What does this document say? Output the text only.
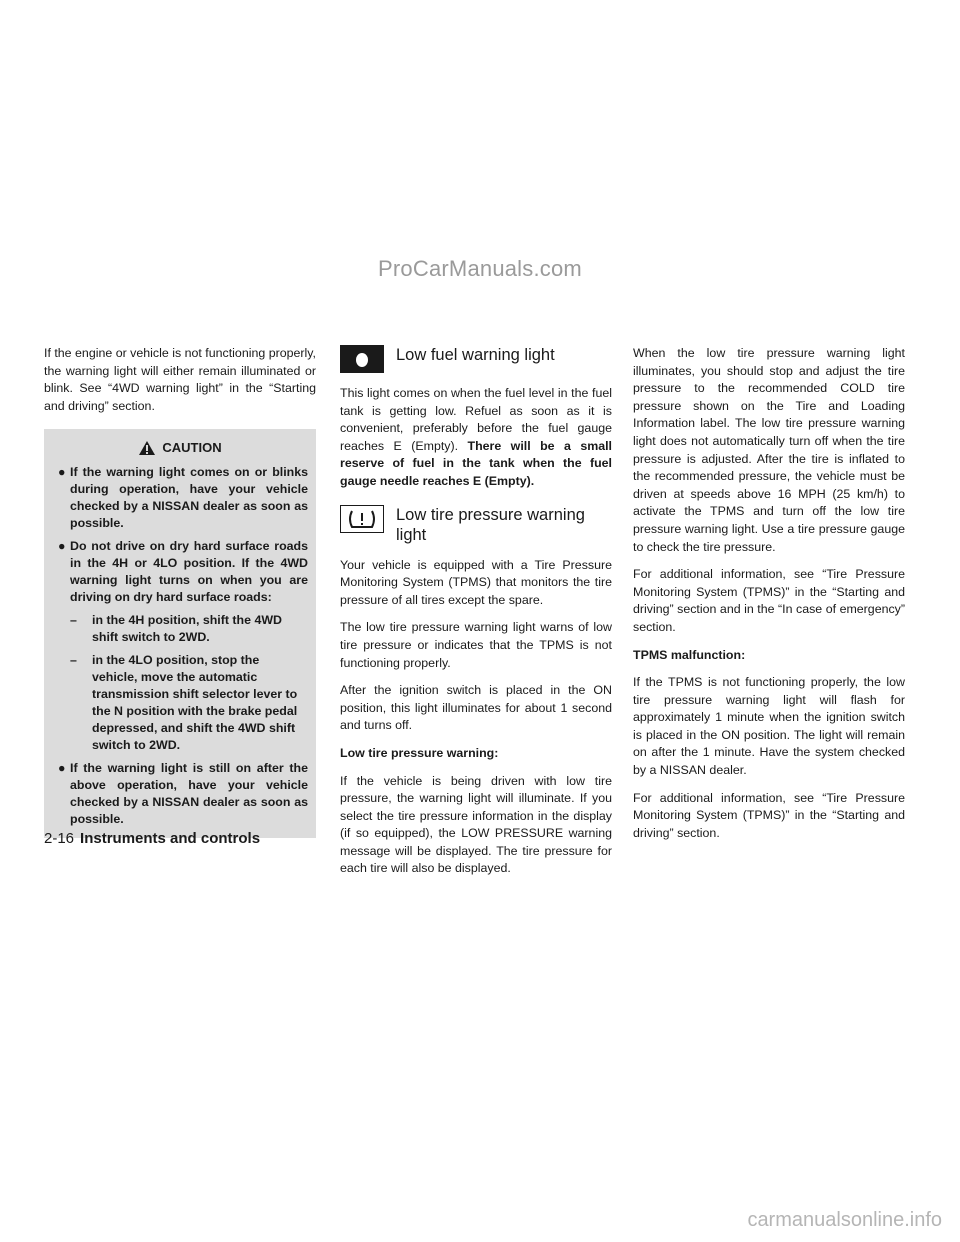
ProCarManuals.com

If the engine or vehicle is not functioning properly, the warning light will either remain illuminated or blink. See “4WD warning light” in the “Starting and driving” section.

CAUTION
● If the warning light comes on or blinks during operation, have your vehicle checked by a NISSAN dealer as soon as possible.
● Do not drive on dry hard surface roads in the 4H or 4LO position. If the 4WD warning light turns on when you are driving on dry hard surface roads:
–	in the 4H position, shift the 4WD shift switch to 2WD.
–	in the 4LO position, stop the vehicle, move the automatic transmission shift selector lever to the N position with the brake pedal depressed, and shift the 4WD shift switch to 2WD.
● If the warning light is still on after the above operation, have your vehicle checked by a NISSAN dealer as soon as possible.
Low fuel warning light

This light comes on when the fuel level in the fuel tank is getting low. Refuel as soon as it is convenient, preferably before the fuel gauge reaches E (Empty). There will be a small reserve of fuel in the tank when the fuel gauge needle reaches E (Empty).

Low tire pressure warning light

Your vehicle is equipped with a Tire Pressure Monitoring System (TPMS) that monitors the tire pressure of all tires except the spare.

The low tire pressure warning light warns of low tire pressure or indicates that the TPMS is not functioning properly.

After the ignition switch is placed in the ON position, this light illuminates for about 1 second and turns off.

Low tire pressure warning:

If the vehicle is being driven with low tire pressure, the warning light will illuminate. If you select the tire pressure information in the display (if so equipped), the LOW PRESSURE warning message will be displayed. The tire pressure for each tire will also be displayed.

When the low tire pressure warning light illuminates, you should stop and adjust the tire pressure to the recommended COLD tire pressure shown on the Tire and Loading Information label. The low tire pressure warning light does not automatically turn off when the tire pressure is adjusted. After the tire is inflated to the recommended pressure, the vehicle must be driven at speeds above 16 MPH (25 km/h) to activate the TPMS and turn off the low tire pressure warning light. Use a tire pressure gauge to check the tire pressure.

For additional information, see “Tire Pressure Monitoring System (TPMS)” in the “Starting and driving” section and in the “In case of emergency” section.

TPMS malfunction:

If the TPMS is not functioning properly, the low tire pressure warning light will flash for approximately 1 minute when the ignition switch is placed in the ON position. The light will remain on after the 1 minute. Have the system checked by a NISSAN dealer.

For additional information, see “Tire Pressure Monitoring System (TPMS)” in the “Starting and driving” section.

2-16 Instruments and controls
carmanualsonline.info
